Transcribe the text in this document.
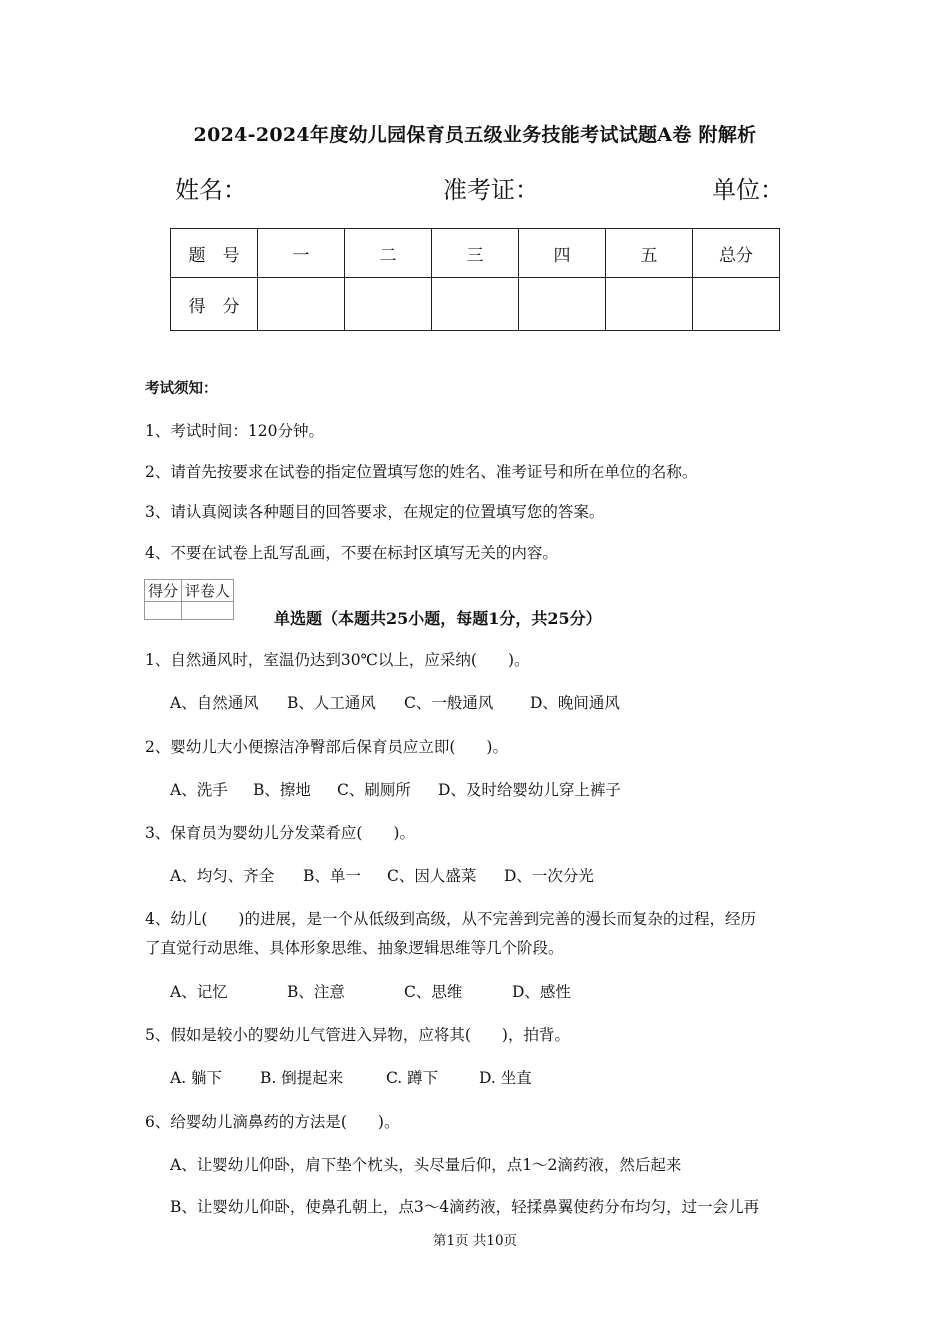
2024-2024年度幼儿园保育员五级业务技能考试试题A卷 附解析
姓名：	准考证：	单位：
题　号	一	二	三	四	五	总分
得　分						
考试须知：
1、考试时间：120分钟。
2、请首先按要求在试卷的指定位置填写您的姓名、准考证号和所在单位的名称。
3、请认真阅读各种题目的回答要求，在规定的位置填写您的答案。
4、不要在试卷上乱写乱画，不要在标封区填写无关的内容。
得分	评卷人

单选题（本题共25小题，每题1分，共25分）
1、自然通风时，室温仍达到30℃以上，应采纳(　　)。
A、自然通风 B、人工通风 C、一般通风 D、晚间通风
2、婴幼儿大小便擦洁净臀部后保育员应立即(　　)。
A、洗手 B、擦地 C、刷厕所 D、及时给婴幼儿穿上裤子
3、保育员为婴幼儿分发菜肴应(　　)。
A、均匀、齐全 B、单一 C、因人盛菜 D、一次分光
4、幼儿(　　)的进展，是一个从低级到高级，从不完善到完善的漫长而复杂的过程，经历
了直觉行动思维、具体形象思维、抽象逻辑思维等几个阶段。
A、记忆	B、注意	C、思维	D、感性
5、假如是较小的婴幼儿气管进入异物，应将其(　　)，拍背。
A. 躺下 B. 倒提起来	C. 蹲下	D. 坐直
6、给婴幼儿滴鼻药的方法是(　　)。
A、让婴幼儿仰卧，肩下垫个枕头，头尽量后仰，点1～2滴药液，然后起来
B、让婴幼儿仰卧，使鼻孔朝上，点3～4滴药液，轻揉鼻翼使药分布均匀，过一会儿再
第1页 共10页
